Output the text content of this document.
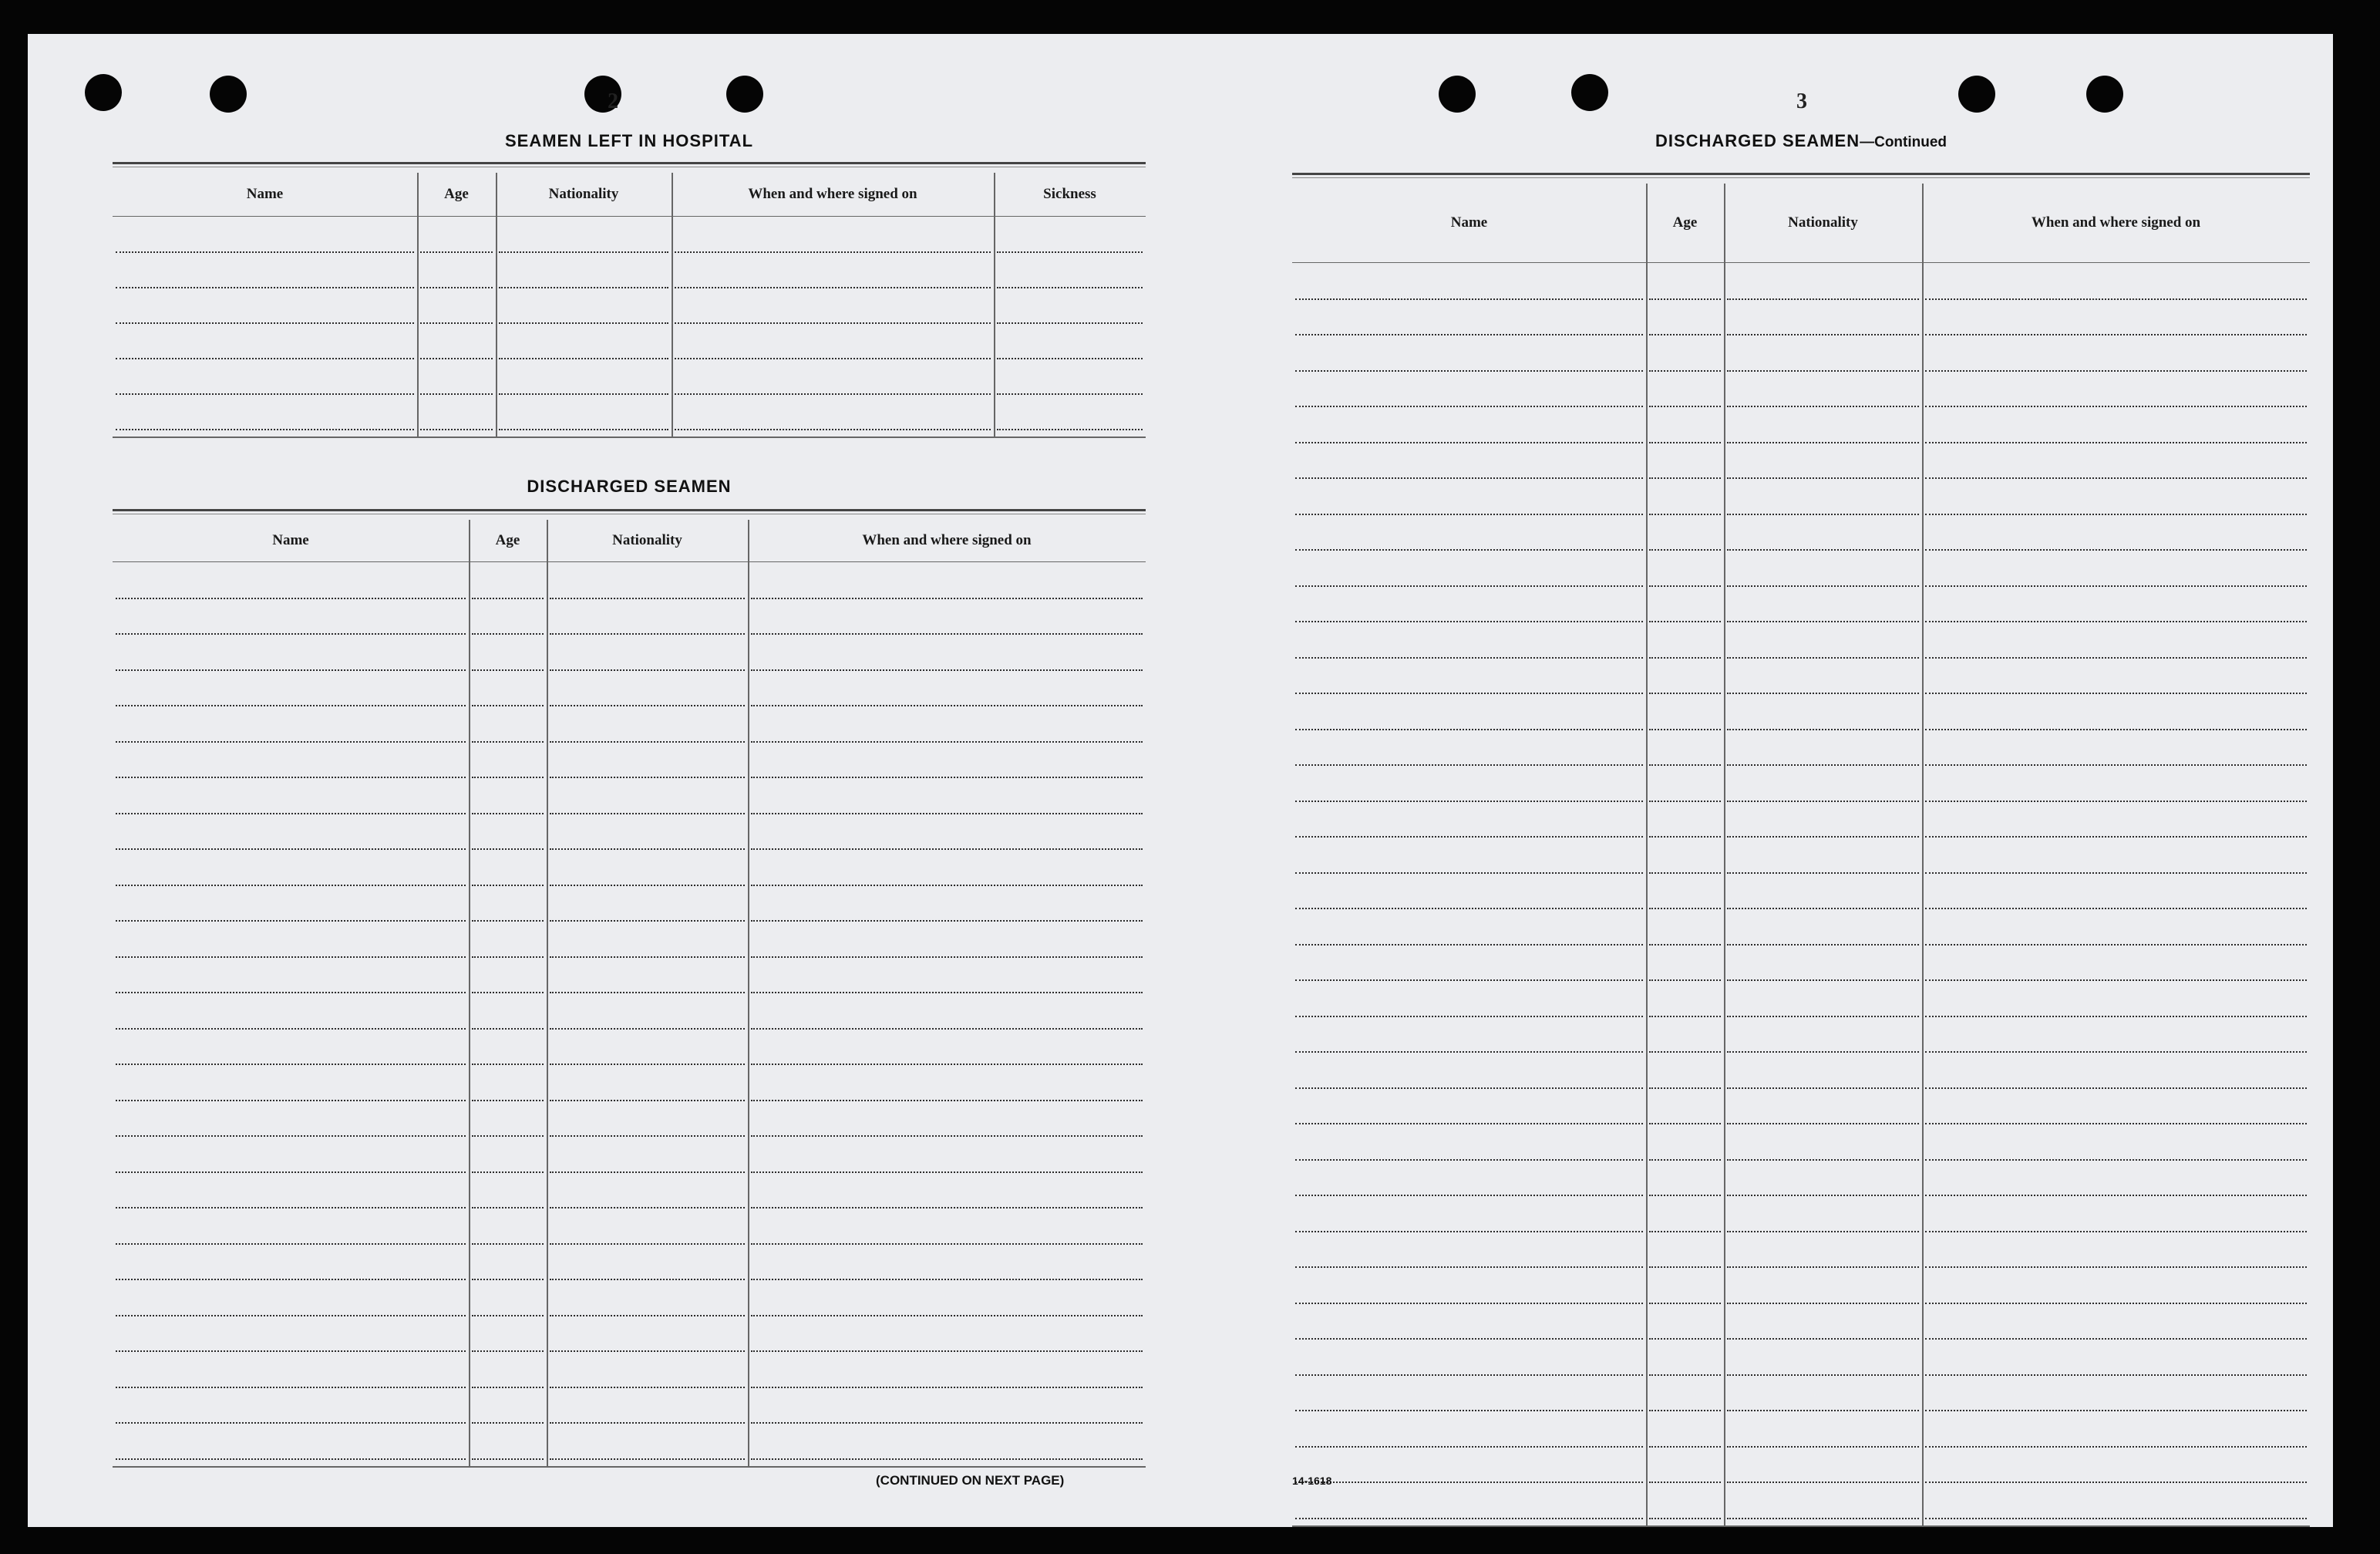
2
SEAMEN LEFT IN HOSPITAL
Name	Age	Nationality	When and where signed on	Sickness
DISCHARGED SEAMEN
Name	Age	Nationality	When and where signed on
(CONTINUED ON NEXT PAGE)
3
DISCHARGED SEAMEN—Continued
Name	Age	Nationality	When and where signed on
14-1618
